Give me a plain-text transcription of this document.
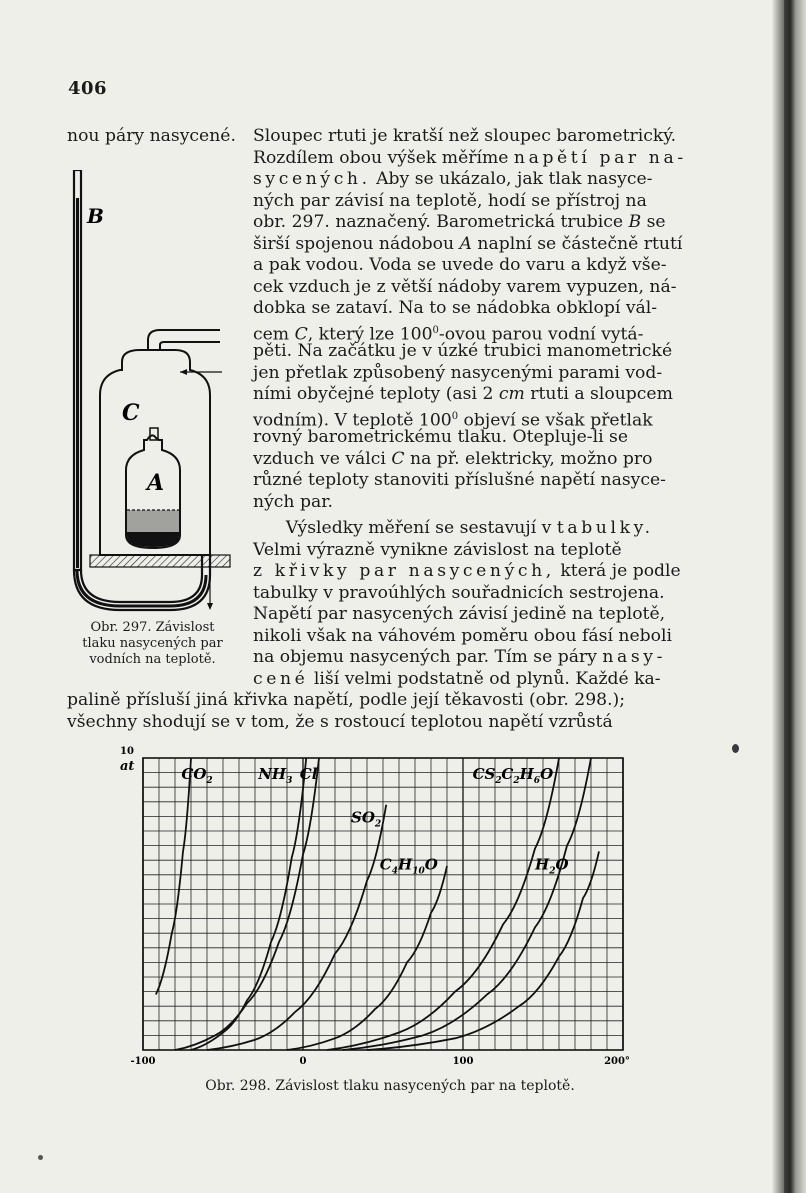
406
nou páry nasycené. Sloupec rtuti je kratší než sloupec barometrický.
Rozdílem obou výšek měříme napětí par na-
sycených. Aby se ukázalo, jak tlak nasyce-
ných par závisí na teplotě, hodí se přístroj na
obr. 297. naznačený. Barometrická trubice B se
širší spojenou nádobou A naplní se částečně rtutí
a pak vodou. Voda se uvede do varu a když vše-
cek vzduch je z větší nádoby varem vypuzen, ná-
dobka se zataví. Na to se nádobka obklopí vál-
cem C, který lze $100^0$-ovou parou vodní vytá-
pěti. Na začátku je v úzké trubici manometrické
jen přetlak způsobený nasycenými parami vod-
ními obyčejné teploty (asi 2 cm rtuti a sloupcem
vodním). V teplotě $100^0$ objeví se však přetlak
rovný barometrickému tlaku. Otepluje-li se
vzduch ve válci C na př. elektricky, možno pro
různé teploty stanoviti příslušné napětí nasyce-
ných par.
Výsledky měření se sestavují v tabulky.
Velmi výrazně vynikne závislost na teplotě
z křivky par nasycených, která je podle
tabulky v pravoúhlých souřadnicích sestrojena.
Napětí par nasycených závisí jedině na teplotě,
nikoli však na váhovém poměru obou fásí neboli
na objemu nasycených par. Tím se páry nasy-
cené liší velmi podstatně od plynů. Každé ka-
palině přísluší jiná křivka napětí, podle její těkavosti (obr. 298.);
všechny shodují se v tom, že s rostoucí teplotou napětí vzrůstá
B
C
A
Obr. 297. Závislost
tlaku nasycených par
vodních na teplotě.
-100	0	100	200°
10
at	$CO_2$	$NH_3$ Cl
$SO_2$
$C_4H_{10}O$
$CS_2$ $C_2H_6O$
$H_2O$
Obr. 298. Závislost tlaku nasycených par na teplotě.
